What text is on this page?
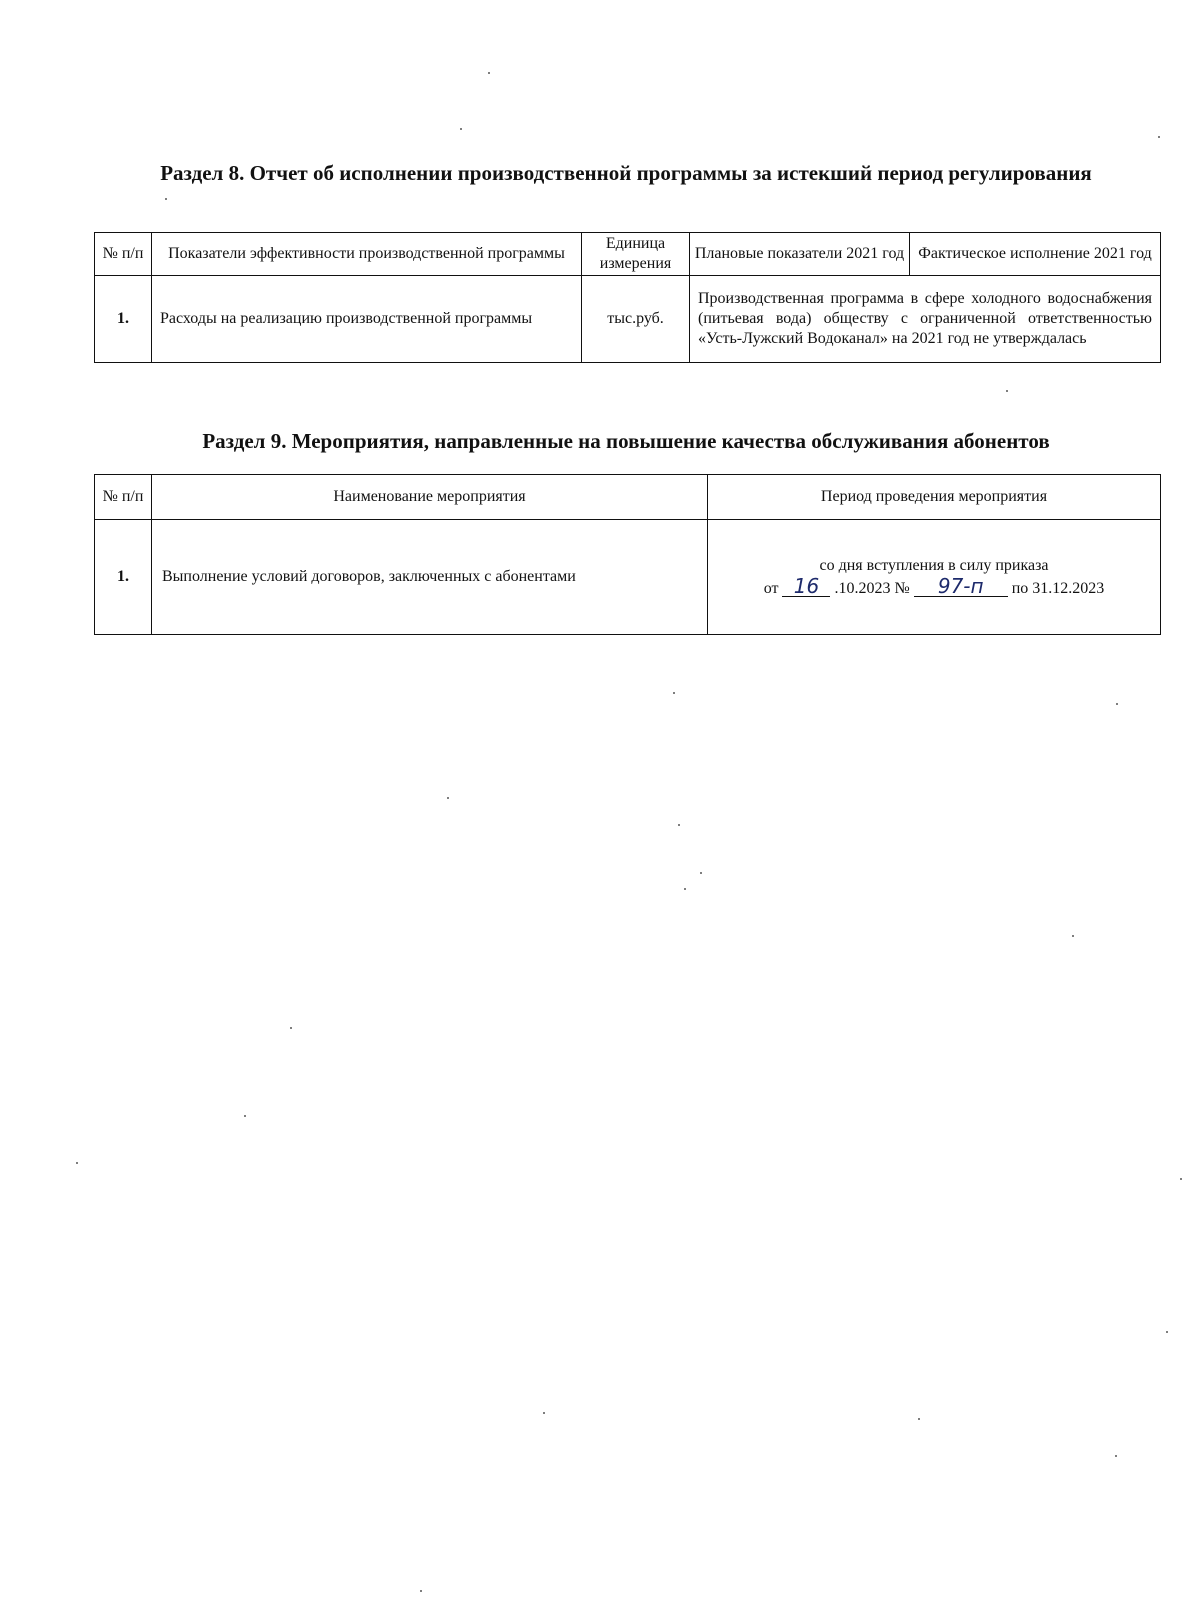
Раздел 8. Отчет об исполнении производственной программы за истекший период регулирования
№ п/п	Показатели эффективности производственной программы	Единица измерения	Плановые показатели 2021 год	Фактическое исполнение 2021 год
1.	Расходы на реализацию производственной программы	тыс.руб.	Производственная программа в сфере холодного водоснабжения (питьевая вода) обществу с ограниченной ответственностью «Усть-Лужский Водоканал» на 2021 год не утверждалась	
Раздел 9. Мероприятия, направленные на повышение качества обслуживания абонентов
№ п/п	Наименование мероприятия	Период проведения мероприятия
1.	Выполнение условий договоров, заключенных с абонентами	со дня вступления в силу приказа
от 16 .10.2023 № 97-п по 31.12.2023
